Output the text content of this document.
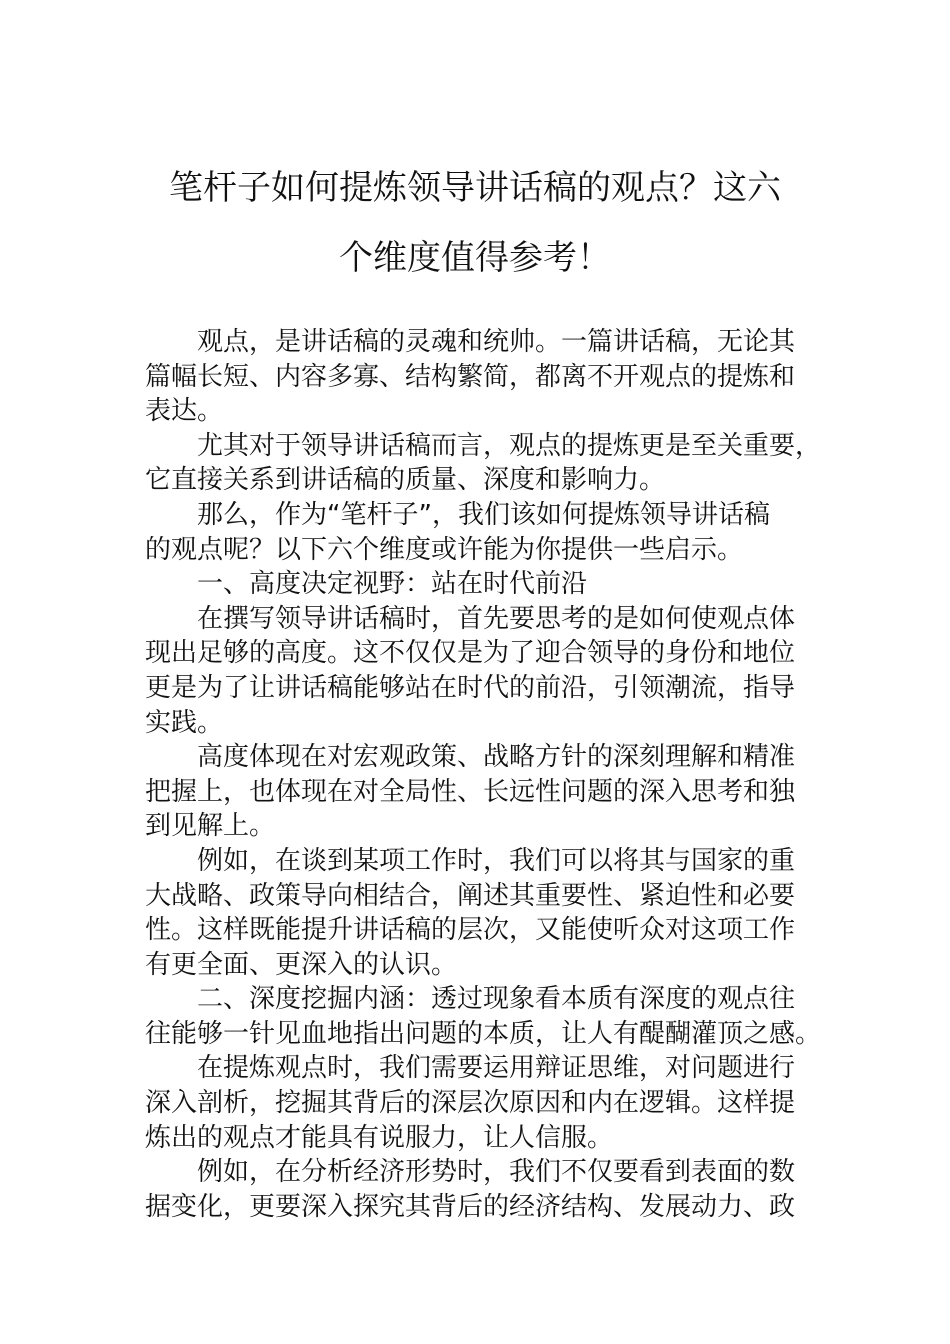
笔杆子如何提炼领导讲话稿的观点？这六
个维度值得参考！
观点，是讲话稿的灵魂和统帅。一篇讲话稿，无论其
篇幅长短、内容多寡、结构繁简，都离不开观点的提炼和
表达。
尤其对于领导讲话稿而言，观点的提炼更是至关重要，
它直接关系到讲话稿的质量、深度和影响力。
那么，作为“笔杆子”，我们该如何提炼领导讲话稿
的观点呢？以下六个维度或许能为你提供一些启示。
一、高度决定视野：站在时代前沿
在撰写领导讲话稿时，首先要思考的是如何使观点体
现出足够的高度。这不仅仅是为了迎合领导的身份和地位
更是为了让讲话稿能够站在时代的前沿，引领潮流，指导
实践。
高度体现在对宏观政策、战略方针的深刻理解和精准
把握上，也体现在对全局性、长远性问题的深入思考和独
到见解上。
例如，在谈到某项工作时，我们可以将其与国家的重
大战略、政策导向相结合，阐述其重要性、紧迫性和必要
性。这样既能提升讲话稿的层次，又能使听众对这项工作
有更全面、更深入的认识。
二、深度挖掘内涵：透过现象看本质有深度的观点往
往能够一针见血地指出问题的本质，让人有醍醐灌顶之感。
在提炼观点时，我们需要运用辩证思维，对问题进行
深入剖析，挖掘其背后的深层次原因和内在逻辑。这样提
炼出的观点才能具有说服力，让人信服。
例如，在分析经济形势时，我们不仅要看到表面的数
据变化，更要深入探究其背后的经济结构、发展动力、政
